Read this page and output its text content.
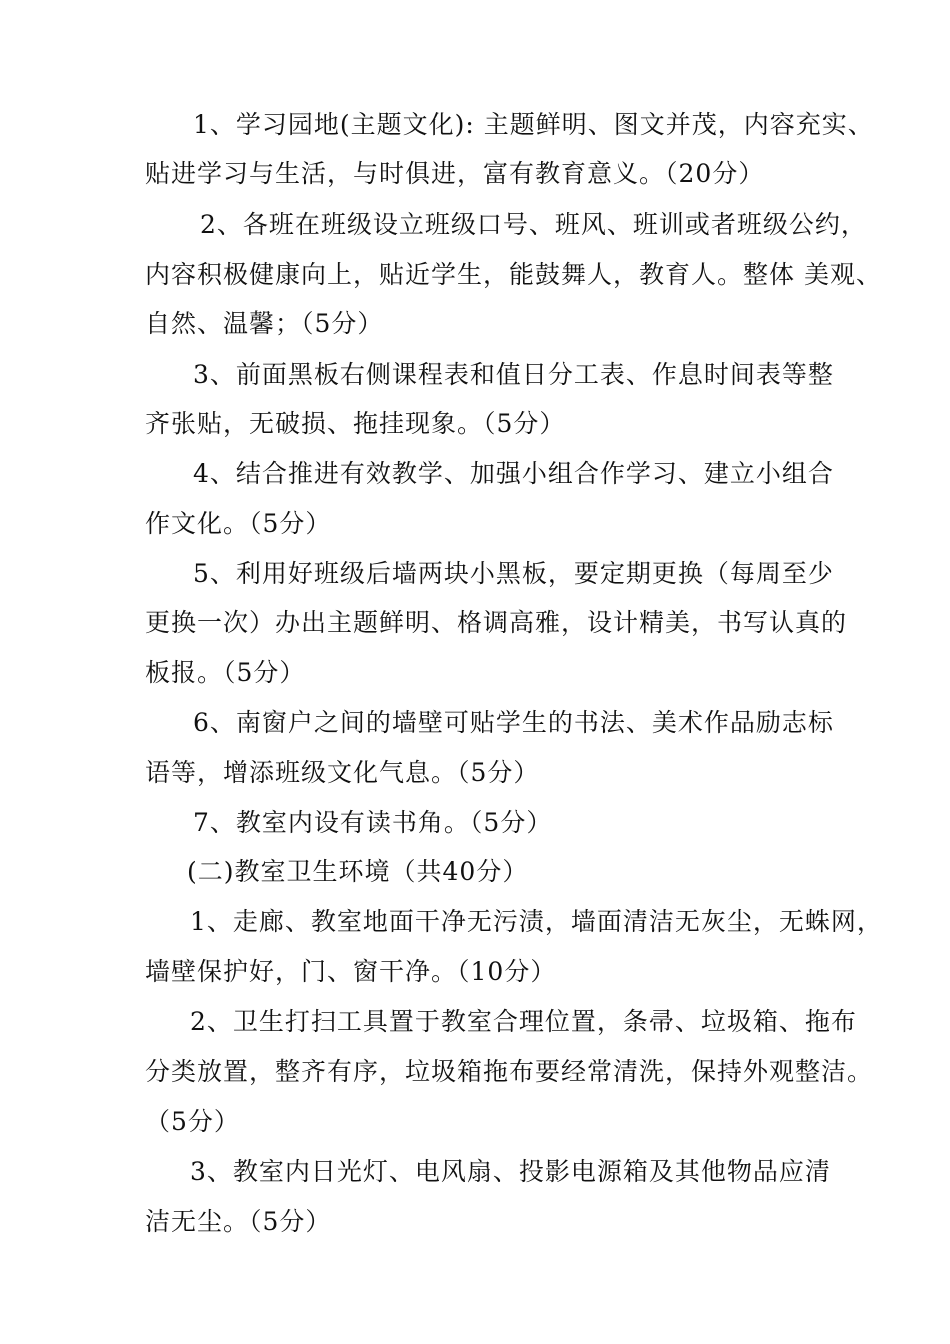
1、学习园地(主题文化): 主题鲜明、图文并茂，内容充实、
贴进学习与生活，与时俱进，富有教育意义。（20分）
2、各班在班级设立班级口号、班风、班训或者班级公约，
内容积极健康向上，贴近学生，能鼓舞人，教育人。整体 美观、
自然、温馨；（5分）
3、前面黑板右侧课程表和值日分工表、作息时间表等整
齐张贴，无破损、拖挂现象。（5分）
4、结合推进有效教学、加强小组合作学习、建立小组合
作文化。（5分）
5、利用好班级后墙两块小黑板，要定期更换（每周至少
更换一次）办出主题鲜明、格调高雅，设计精美，书写认真的
板报。（5分）
6、南窗户之间的墙壁可贴学生的书法、美术作品励志标
语等，增添班级文化气息。（5分）
7、教室内设有读书角。（5分）
(二)教室卫生环境（共40分）
1、走廊、教室地面干净无污渍，墙面清洁无灰尘，无蛛网，
墙壁保护好，门、窗干净。（10分）
2、卫生打扫工具置于教室合理位置，条帚、垃圾箱、拖布
分类放置，整齐有序，垃圾箱拖布要经常清洗，保持外观整洁。
（5分）
3、教室内日光灯、电风扇、投影电源箱及其他物品应清
洁无尘。（5分）
